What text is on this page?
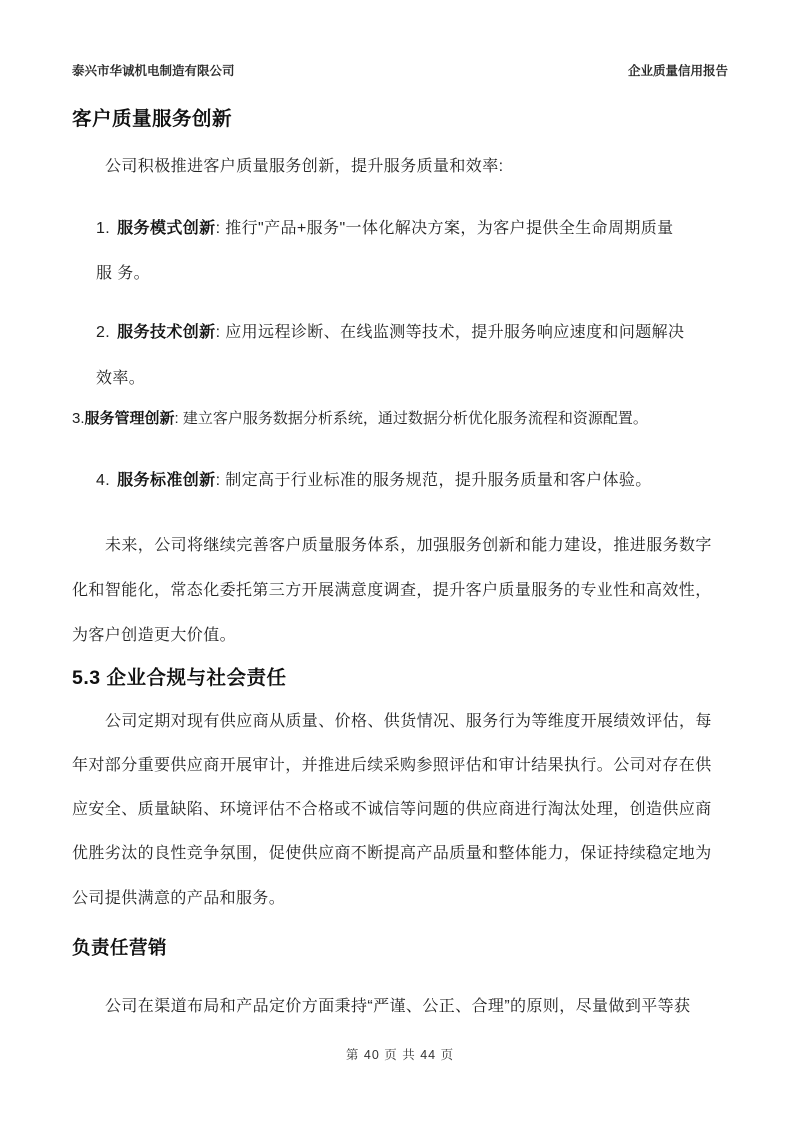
泰兴市华诚机电制造有限公司	企业质量信用报告
客户质量服务创新
公司积极推进客户质量服务创新，提升服务质量和效率:
1. 服务模式创新: 推行"产品+服务"一体化解决方案，为客户提供全生命周期质量
服 务。
2. 服务技术创新: 应用远程诊断、在线监测等技术，提升服务响应速度和问题解决
效率。
3.服务管理创新: 建立客户服务数据分析系统，通过数据分析优化服务流程和资源配置。
4. 服务标准创新: 制定高于行业标准的服务规范，提升服务质量和客户体验。
未来，公司将继续完善客户质量服务体系，加强服务创新和能力建设，推进服务数字
化和智能化，常态化委托第三方开展满意度调查，提升客户质量服务的专业性和高效性，
为客户创造更大价值。
5.3 企业合规与社会责任
公司定期对现有供应商从质量、价格、供货情况、服务行为等维度开展绩效评估，每
年对部分重要供应商开展审计，并推进后续采购参照评估和审计结果执行。公司对存在供
应安全、质量缺陷、环境评估不合格或不诚信等问题的供应商进行淘汰处理，创造供应商
优胜劣汰的良性竞争氛围，促使供应商不断提高产品质量和整体能力，保证持续稳定地为
公司提供满意的产品和服务。
负责任营销
公司在渠道布局和产品定价方面秉持“严谨、公正、合理”的原则，尽量做到平等获
第 40 页 共 44 页
